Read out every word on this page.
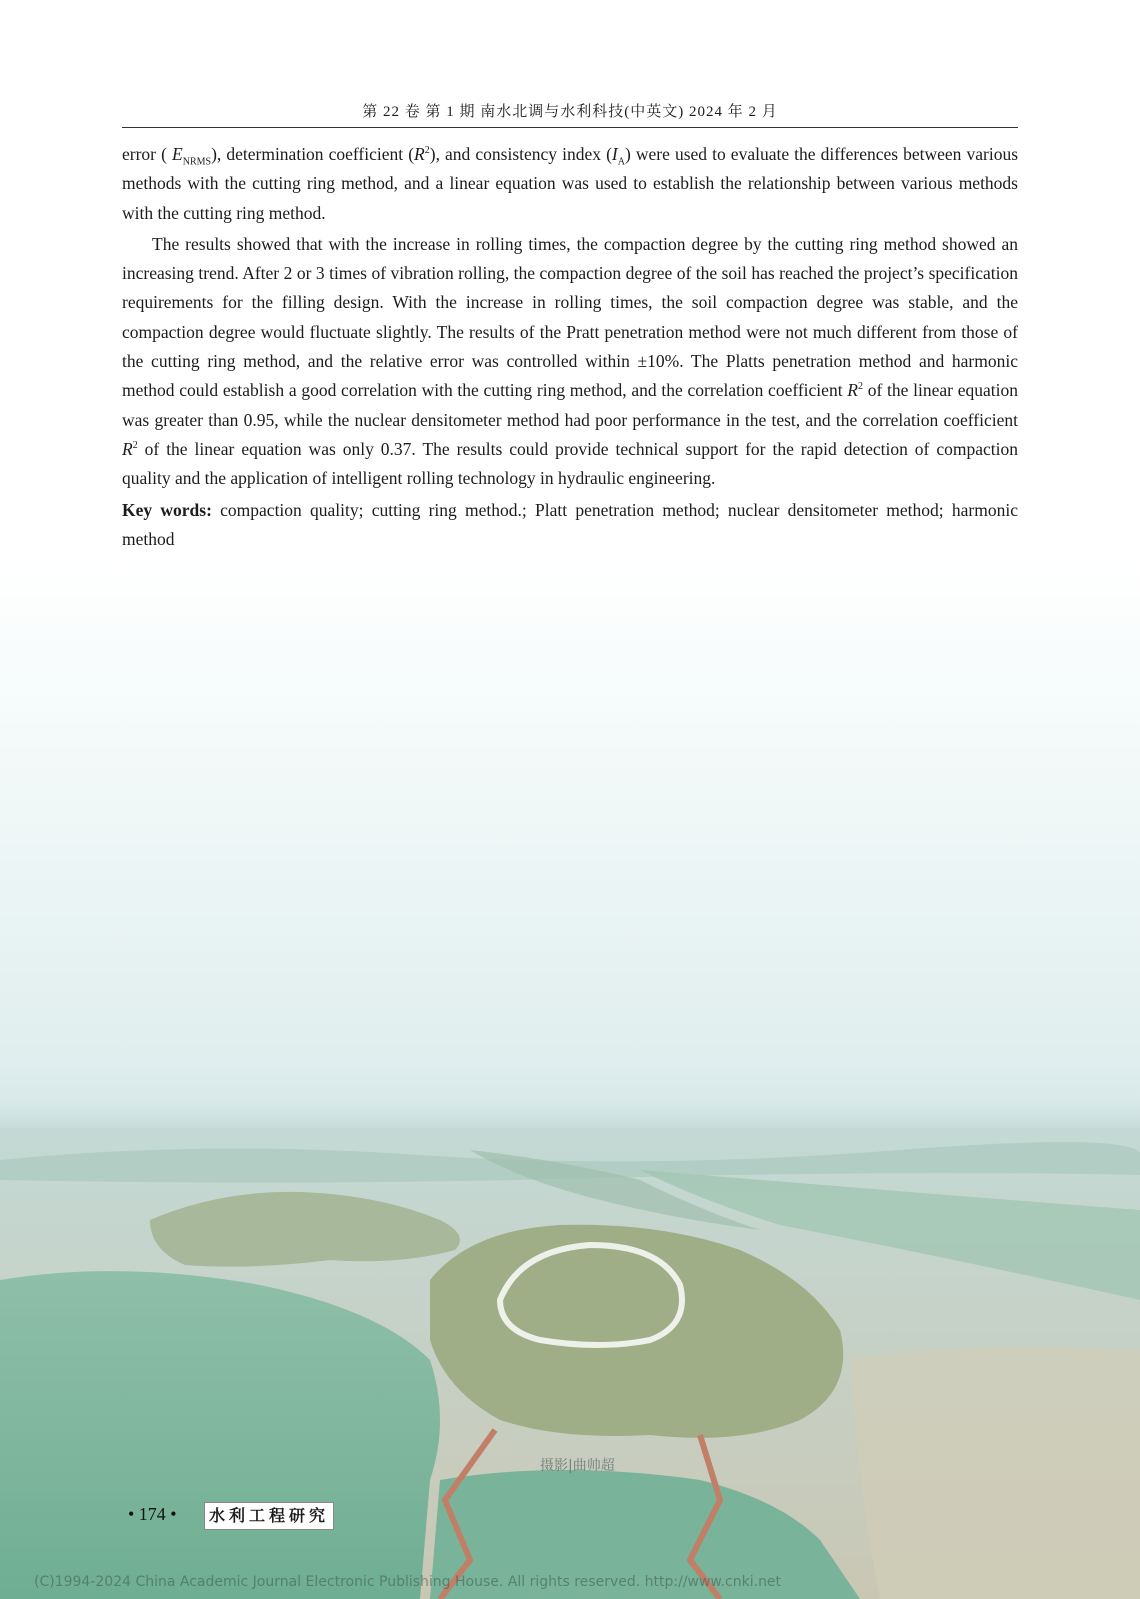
第 22 卷 第 1 期 南水北调与水利科技(中英文) 2024 年 2 月

error ( $E_{NRMS}$), determination coefficient $(R^2)$, and consistency index $(I_A)$ were used to evaluate the differences between various methods with the cutting ring method, and a linear equation was used to establish the relationship between various methods with the cutting ring method.

The results showed that with the increase in rolling times, the compaction degree by the cutting ring method showed an increasing trend. After 2 or 3 times of vibration rolling, the compaction degree of the soil has reached the project’s specification requirements for the filling design. With the increase in rolling times, the soil compaction degree was stable, and the compaction degree would fluctuate slightly. The results of the Pratt penetration method were not much different from those of the cutting ring method, and the relative error was controlled within ±10%. The Platts penetration method and harmonic method could establish a good correlation with the cutting ring method, and the correlation coefficient $R^2$ of the linear equation was greater than 0.95, while the nuclear densitometer method had poor performance in the test, and the correlation coefficient $R^2$ of the linear equation was only 0.37. The results could provide technical support for the rapid detection of compaction quality and the application of intelligent rolling technology in hydraulic engineering.

Key words: compaction quality; cutting ring method.; Platt penetration method; nuclear densitometer method; harmonic method

摄影|曲帅超
• 174 •	水利工程研究
(C)1994-2024 China Academic Journal Electronic Publishing House. All rights reserved. http://www.cnki.net
